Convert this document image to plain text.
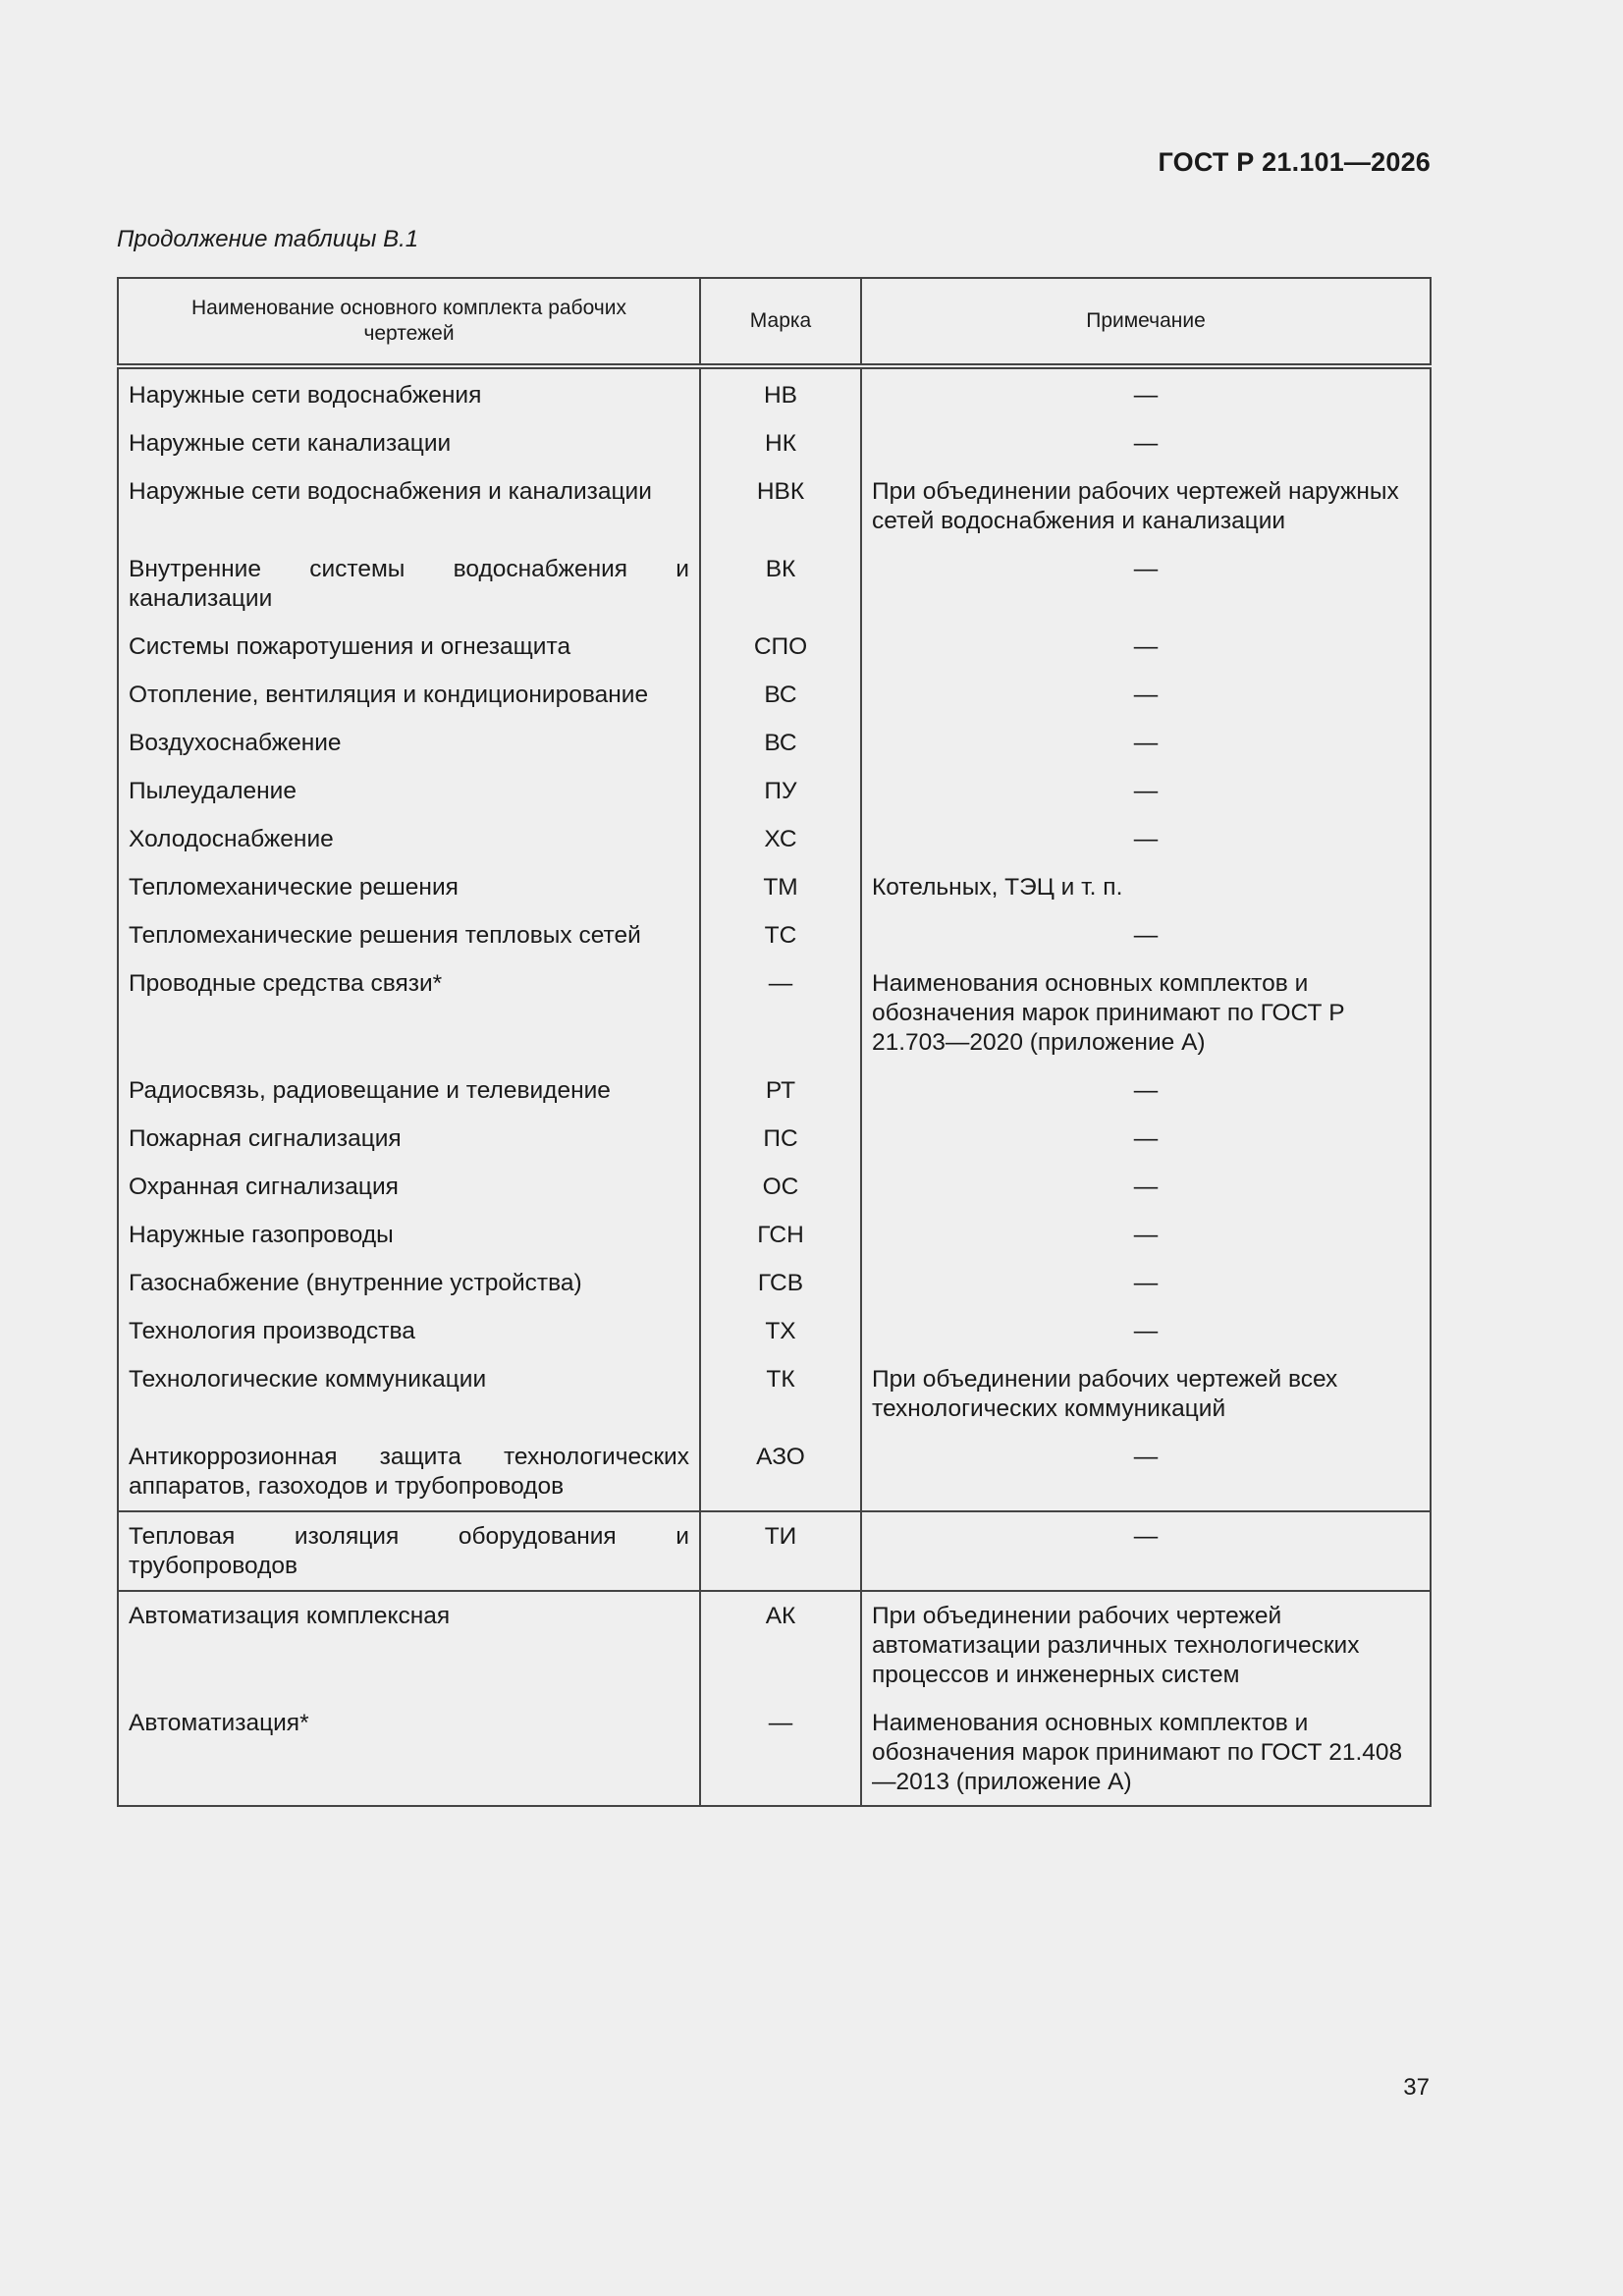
ГОСТ Р 21.101—2026
Продолжение таблицы В.1
Наименование основного комплекта рабочих чертежей	Марка	Примечание
Наружные сети водоснабжения	НВ	—
Наружные сети канализации	НК	—
Наружные сети водоснабжения и канализации	НВК	При объединении рабочих чертежей наружных сетей водоснабжения и канализации
Внутренние системы водоснабжения и канализации	ВК	—
Системы пожаротушения и огнезащита	СПО	—
Отопление, вентиляция и кондиционирование	ВС	—
Воздухоснабжение	ВС	—
Пылеудаление	ПУ	—
Холодоснабжение	ХС	—
Тепломеханические решения	ТМ	Котельных, ТЭЦ и т. п.
Тепломеханические решения тепловых сетей	ТС	—
Проводные средства связи*	—	Наименования основных комплектов и обозначения марок принимают по ГОСТ Р 21.703—2020 (приложение А)
Радиосвязь, радиовещание и телевидение	РТ	—
Пожарная сигнализация	ПС	—
Охранная сигнализация	ОС	—
Наружные газопроводы	ГСН	—
Газоснабжение (внутренние устройства)	ГСВ	—
Технология производства	ТХ	—
Технологические коммуникации	ТК	При объединении рабочих чертежей всех технологических коммуникаций
Антикоррозионная защита технологических аппаратов, газоходов и трубопроводов	АЗО	—
Тепловая изоляция оборудования и трубопроводов	ТИ	—
Автоматизация комплексная	АК	При объединении рабочих чертежей автоматизации различных технологических процессов и инженерных систем
Автоматизация*	—	Наименования основных комплектов и обозначения марок принимают по ГОСТ 21.408—2013 (приложение А)
37
